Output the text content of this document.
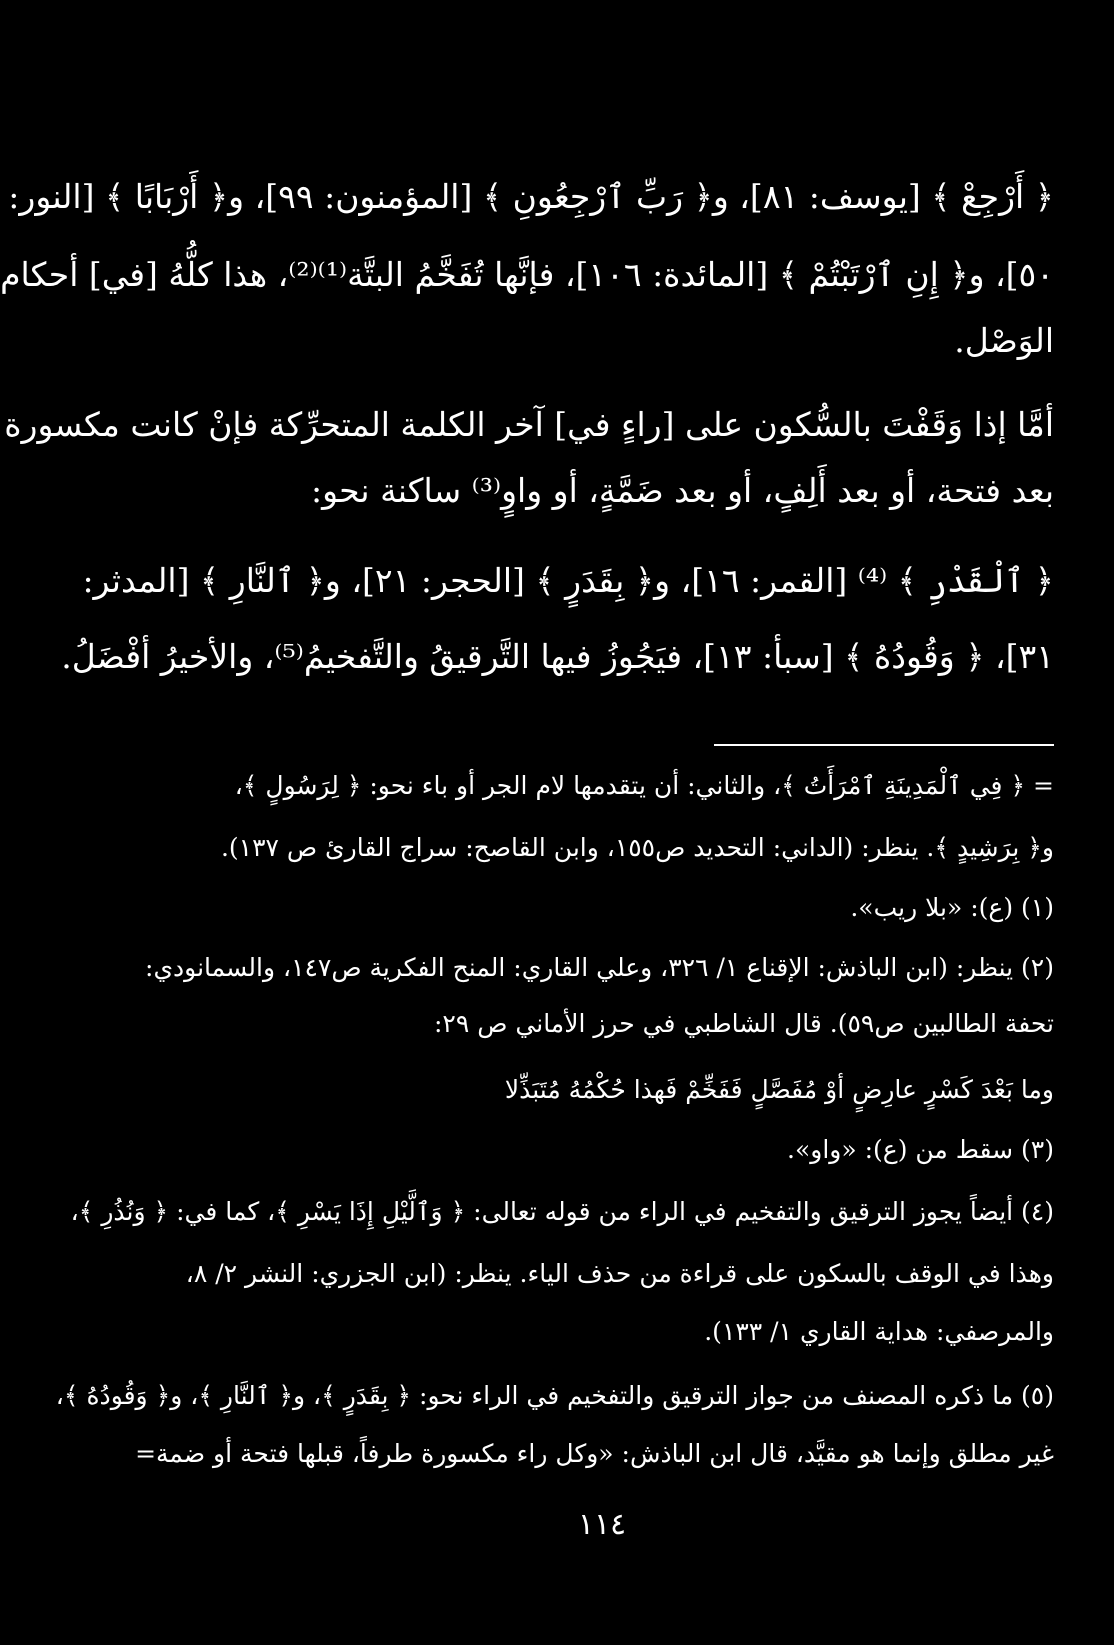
﴿ أَرْجِعْ ﴾ [يوسف: ٨١]، و﴿ رَبِّ ٱرْجِعُونِ ﴾ [المؤمنون: ٩٩]، و﴿ أَرْبَابًا ﴾ [النور:
٥٠]، و﴿ إِنِ ٱرْتَبْتُمْ ﴾ [المائدة: ١٠٦]، فإنَّها تُفَخَّمُ البتَّة⁽¹⁾⁽²⁾، هذا كلُّهُ [في] أحكام
الوَصْل.
أمَّا إذا وَقَفْتَ بالسُّكون على [راءٍ في] آخر الكلمة المتحرِّكة فإنْ كانت مكسورة
بعد فتحة، أو بعد أَلِفٍ، أو بعد ضَمَّةٍ، أو واوٍ⁽³⁾ ساكنة نحو:
﴿ ٱلْقَدْرِ ﴾ ⁽⁴⁾ [القمر: ١٦]، و﴿ بِقَدَرٍ ﴾ [الحجر: ٢١]، و﴿ ٱلنَّارِ ﴾ [المدثر:
٣١]، ﴿ وَقُودُهُ ﴾ [سبأ: ١٣]، فيَجُوزُ فيها التَّرقيقُ والتَّفخيمُ⁽⁵⁾، والأخيرُ أفْضَلُ.
= ﴿ فِي ٱلْمَدِينَةِ ٱمْرَأَتُ ﴾، والثاني: أن يتقدمها لام الجر أو باء نحو: ﴿ لِرَسُولٍ ﴾،
و﴿ بِرَشِيدٍ ﴾. ينظر: (الداني: التحديد ص١٥٥، وابن القاصح: سراج القارئ ص ١٣٧).
(١) (ع): «بلا ريب».
(٢) ينظر: (ابن الباذش: الإقناع ١/ ٣٢٦، وعلي القاري: المنح الفكرية ص١٤٧، والسمانودي:
تحفة الطالبين ص٥٩). قال الشاطبي في حرز الأماني ص ٢٩:
وما بَعْدَ كَسْرٍ عارِضٍ أوْ مُفَصَّلٍ فَفَخِّمْ فَهذا حُكْمُهُ مُتَبَذِّلا
(٣) سقط من (ع): «واو».
(٤) أيضاً يجوز الترقيق والتفخيم في الراء من قوله تعالى: ﴿ وَٱلَّيْلِ إِذَا يَسْرِ ﴾، كما في: ﴿ وَنُذُرِ ﴾،
وهذا في الوقف بالسكون على قراءة من حذف الياء. ينظر: (ابن الجزري: النشر ٢/ ٨،
والمرصفي: هداية القاري ١/ ١٣٣).
(٥) ما ذكره المصنف من جواز الترقيق والتفخيم في الراء نحو: ﴿ بِقَدَرٍ ﴾، و﴿ ٱلنَّارِ ﴾، و﴿ وَقُودُهُ ﴾،
غير مطلق وإنما هو مقيَّد، قال ابن الباذش: «وكل راء مكسورة طرفاً، قبلها فتحة أو ضمة=
١١٤
